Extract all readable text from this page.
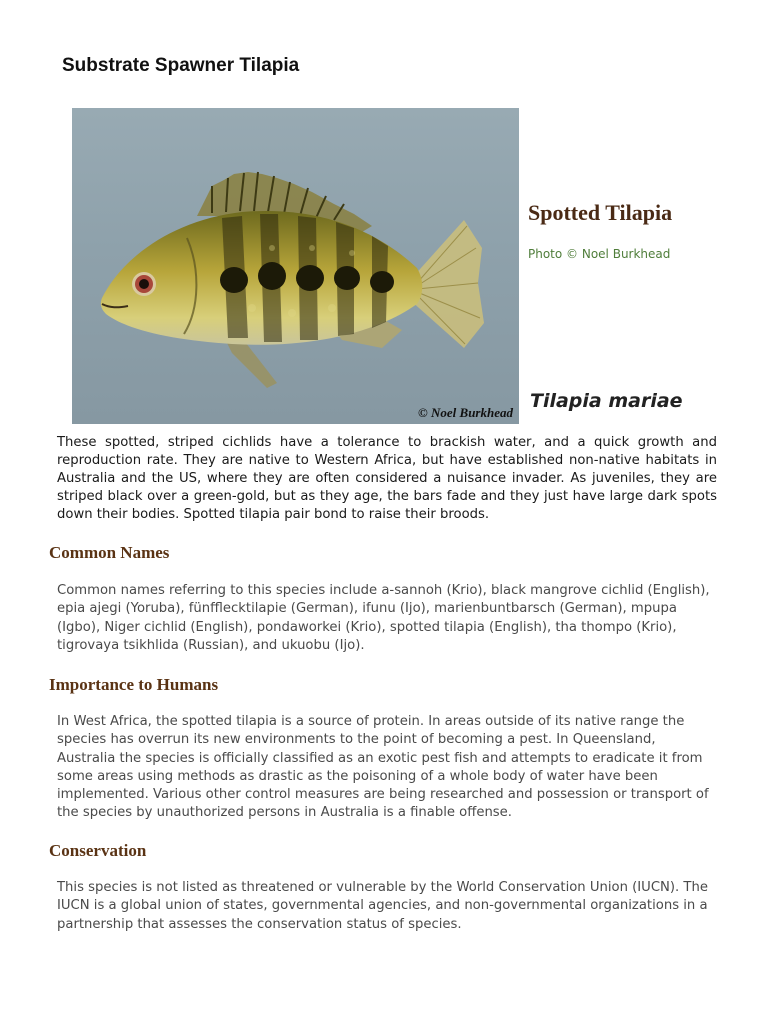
Substrate Spawner Tilapia
© Noel Burkhead
Spotted Tilapia
Photo © Noel Burkhead
Tilapia mariae

These spotted, striped cichlids have a tolerance to brackish water, and a quick growth and reproduction rate. They are native to Western Africa, but have established non-native habitats in Australia and the US, where they are often considered a nuisance invader. As juveniles, they are striped black over a green-gold, but as they age, the bars fade and they just have large dark spots down their bodies. Spotted tilapia pair bond to raise their broods.

Common Names

Common names referring to this species include a-sannoh (Krio), black mangrove cichlid (English), epia ajegi (Yoruba), fünfflecktilapie (German), ifunu (Ijo), marienbuntbarsch (German), mpupa (Igbo), Niger cichlid (English), pondaworkei (Krio), spotted tilapia (English), tha thompo (Krio), tigrovaya tsikhlida (Russian), and ukuobu (Ijo).

Importance to Humans

In West Africa, the spotted tilapia is a source of protein. In areas outside of its native range the species has overrun its new environments to the point of becoming a pest. In Queensland, Australia the species is officially classified as an exotic pest fish and attempts to eradicate it from some areas using methods as drastic as the poisoning of a whole body of water have been implemented. Various other control measures are being researched and possession or transport of the species by unauthorized persons in Australia is a finable offense.

Conservation

This species is not listed as threatened or vulnerable by the World Conservation Union (IUCN). The IUCN is a global union of states, governmental agencies, and non-governmental organizations in a partnership that assesses the conservation status of species.
